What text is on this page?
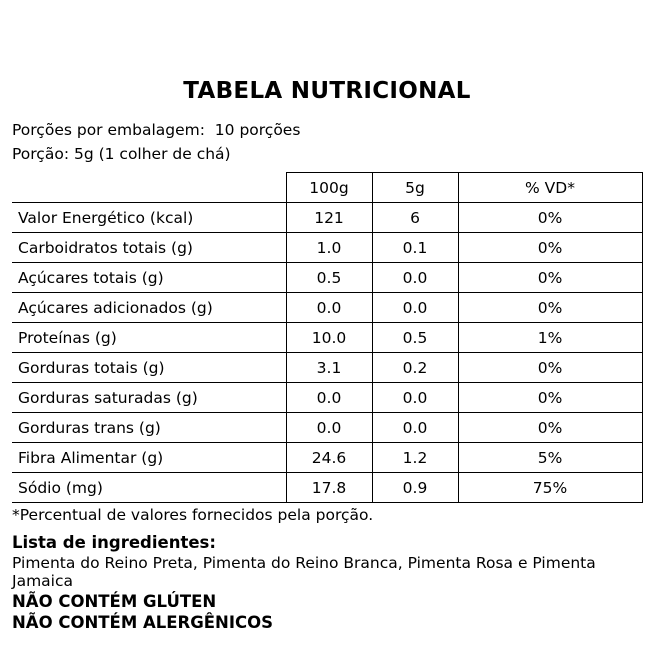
TABELA NUTRICIONAL

Porções por embalagem:  10 porções

Porção: 5g (1 colher de chá)

	100g	5g	% VD*
Valor Energético (kcal)	121	6	0%
Carboidratos totais (g)	1.0	0.1	0%
Açúcares totais (g)	0.5	0.0	0%
Açúcares adicionados (g)	0.0	0.0	0%
Proteínas (g)	10.0	0.5	1%
Gorduras totais (g)	3.1	0.2	0%
Gorduras saturadas (g)	0.0	0.0	0%
Gorduras trans (g)	0.0	0.0	0%
Fibra Alimentar (g)	24.6	1.2	5%
Sódio (mg)	17.8	0.9	75%

*Percentual de valores fornecidos pela porção.

Lista de ingredientes:

Pimenta do Reino Preta, Pimenta do Reino Branca, Pimenta Rosa e Pimenta Jamaica

NÃO CONTÉM GLÚTEN

NÃO CONTÉM ALERGÊNICOS
